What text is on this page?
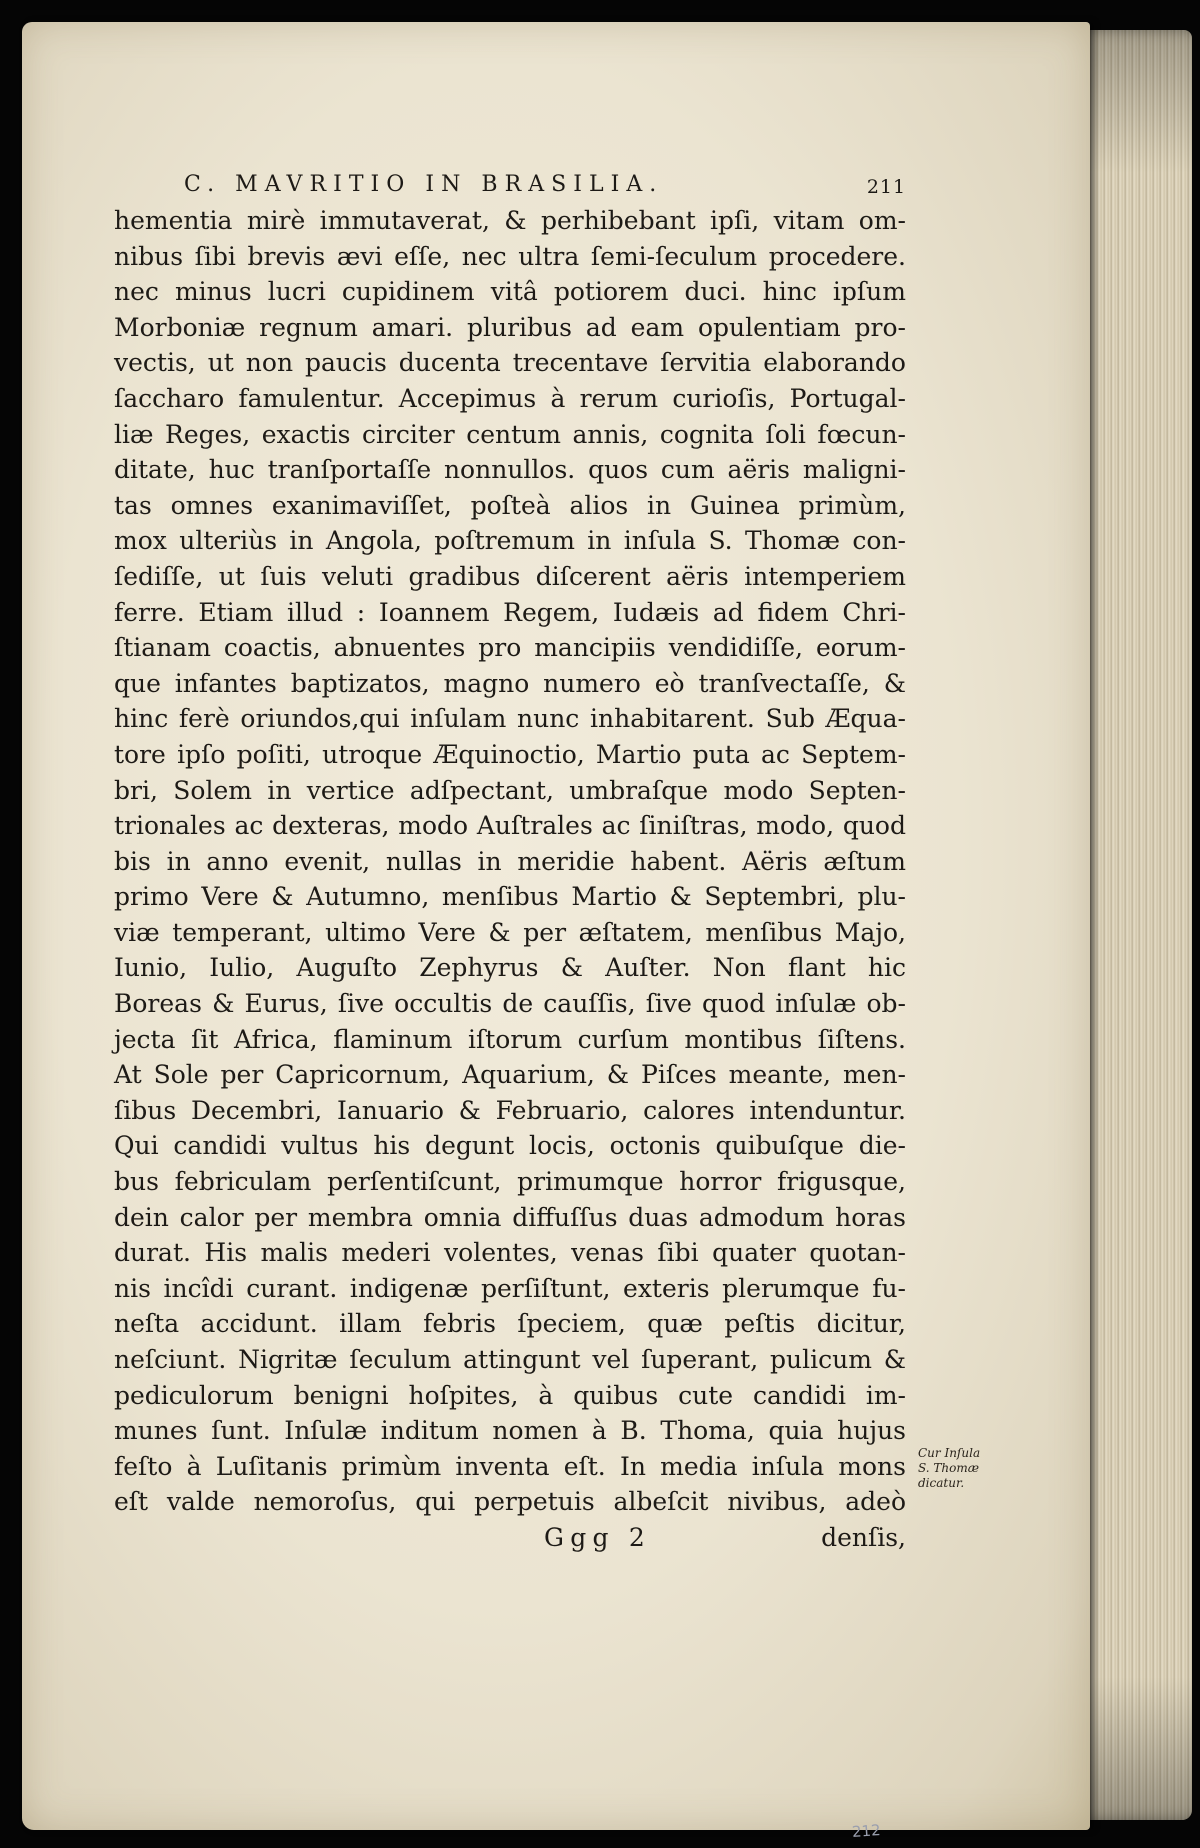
C. MAVRITIO IN BRASILIA.	211
hementia mirè immutaverat, & perhibebant ipſi, vitam om-
nibus ſibi brevis ævi eſſe, nec ultra ſemi-ſeculum procedere.
nec minus lucri cupidinem vitâ potiorem duci. hinc ipſum
Morboniæ regnum amari. pluribus ad eam opulentiam pro-
vectis, ut non paucis ducenta trecentave ſervitia elaborando
ſaccharo famulentur. Accepimus à rerum curioſis, Portugal-
liæ Reges, exactis circiter centum annis, cognita ſoli fœcun-
ditate, huc tranſportaſſe nonnullos. quos cum aëris maligni-
tas omnes exanimaviſſet, poſteà alios in Guinea primùm,
mox ulteriùs in Angola, poſtremum in inſula S. Thomæ con-
ſediſſe, ut ſuis veluti gradibus diſcerent aëris intemperiem
ferre. Etiam illud : Ioannem Regem, Iudæis ad fidem Chri-
ſtianam coactis, abnuentes pro mancipiis vendidiſſe, eorum-
que infantes baptizatos, magno numero eò tranſvectaſſe, &
hinc ferè oriundos,qui inſulam nunc inhabitarent. Sub Æqua-
tore ipſo poſiti, utroque Æquinoctio, Martio puta ac Septem-
bri, Solem in vertice adſpectant, umbraſque modo Septen-
trionales ac dexteras, modo Auſtrales ac ſiniſtras, modo, quod
bis in anno evenit, nullas in meridie habent. Aëris æſtum
primo Vere & Autumno, menſibus Martio & Septembri, plu-
viæ temperant, ultimo Vere & per æſtatem, menſibus Majo,
Iunio, Iulio, Auguſto Zephyrus & Auſter. Non flant hic
Boreas & Eurus, ſive occultis de cauſſis, ſive quod inſulæ ob-
jecta ſit Africa, flaminum iſtorum curſum montibus ſiſtens.
At Sole per Capricornum, Aquarium, & Piſces meante, men-
ſibus Decembri, Ianuario & Februario, calores intenduntur.
Qui candidi vultus his degunt locis, octonis quibuſque die-
bus febriculam perſentiſcunt, primumque horror frigusque,
dein calor per membra omnia diffuſſus duas admodum horas
durat. His malis mederi volentes, venas ſibi quater quotan-
nis incîdi curant. indigenæ perſiſtunt, exteris plerumque fu-
neſta accidunt. illam febris ſpeciem, quæ peſtis dicitur,
neſciunt. Nigritæ ſeculum attingunt vel ſuperant, pulicum &
pediculorum benigni hoſpites, à quibus cute candidi im-
munes ſunt. Inſulæ inditum nomen à B. Thoma, quia hujus
feſto à Luſitanis primùm inventa eſt. In media inſula mons
eſt valde nemoroſus, qui perpetuis albeſcit nivibus, adeò
Ggg 2	denſis,
Cur Inſula
S. Thomæ
dicatur.
212
